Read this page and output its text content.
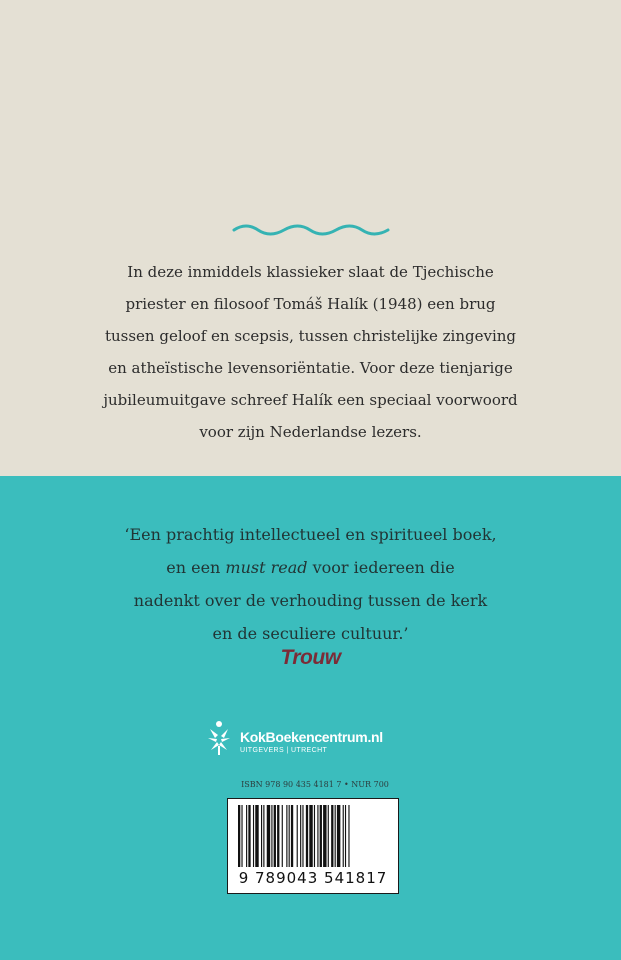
In deze inmiddels klassieker slaat de Tjechische
priester en filosoof Tomáš Halík (1948) een brug
tussen geloof en scepsis, tussen christelijke zingeving
en atheïstische levensoriëntatie. Voor deze tienjarige
jubileumuitgave schreef Halík een speciaal voorwoord
voor zijn Nederlandse lezers.
‘Een prachtig intellectueel en spiritueel boek,
en een must read voor iedereen die
nadenkt over de verhouding tussen de kerk
en de seculiere cultuur.’
Trouw
KokBoekencentrum.nl
UITGEVERS | UTRECHT
ISBN 978 90 435 4181 7 • NUR 700
9 789043 541817
